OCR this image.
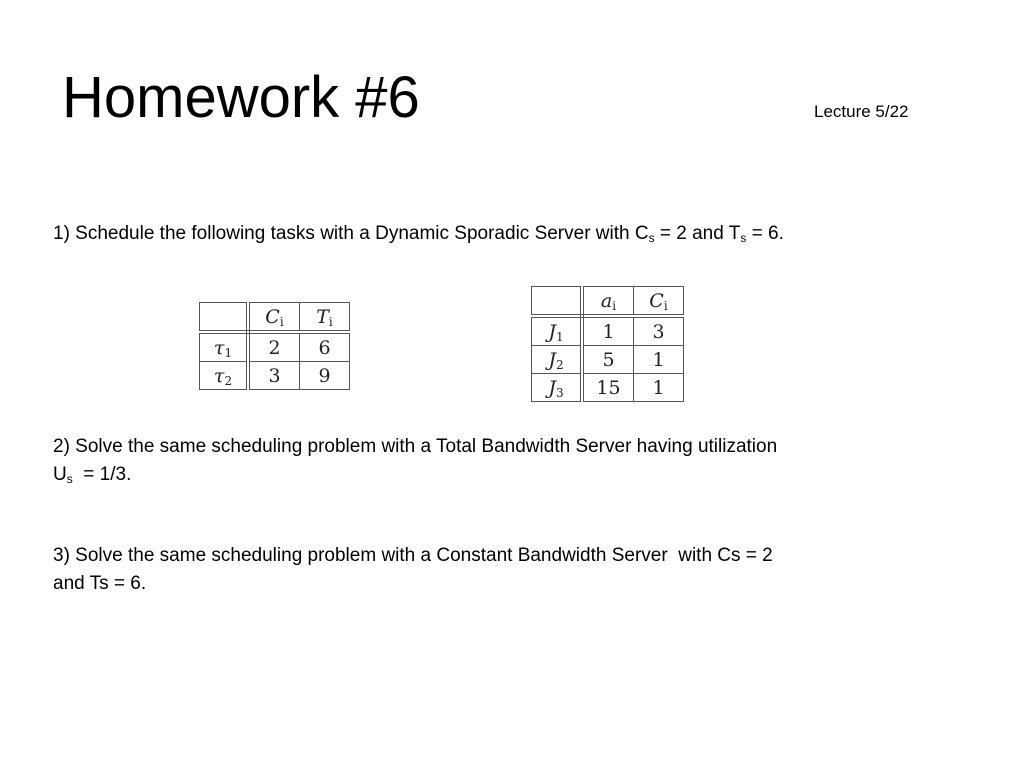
Homework #6	Lecture 5/22

1) Schedule the following tasks with a Dynamic Sporadic Server with $C_s = 2$ and $T_s = 6$.

	$C_i$	$T_i$
$\tau_1$	2	6
$\tau_2$	3	9
	$a_i$	$C_i$
$J_1$	1	3
$J_2$	5	1
$J_3$	15	1

2) Solve the same scheduling problem with a Total Bandwidth Server having utilization
$U_s = 1/3$.

3) Solve the same scheduling problem with a Constant Bandwidth Server  with Cs = 2
and Ts = 6.
